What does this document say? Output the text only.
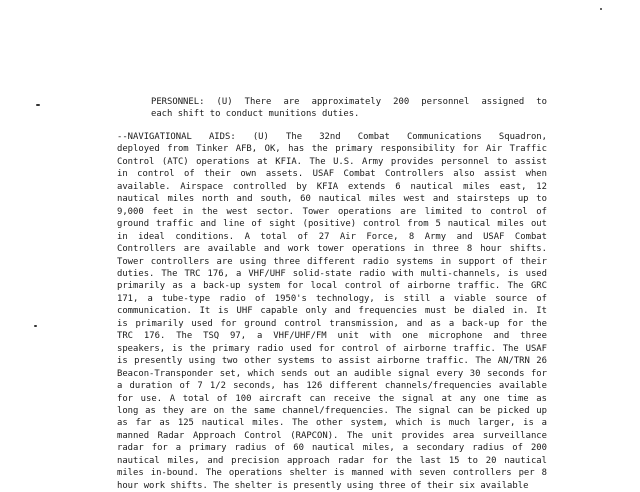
PERSONNEL: (U) There are approximately 200 personnel assigned to
each shift to conduct munitions duties.
--NAVIGATIONAL AIDS: (U) The 32nd Combat Communications Squadron,
deployed from Tinker AFB, OK, has the primary responsibility for Air Traffic
Control (ATC) operations at KFIA. The U.S. Army provides personnel to assist
in control of their own assets. USAF Combat Controllers also assist when
available. Airspace controlled by KFIA extends 6 nautical miles east, 12
nautical miles north and south, 60 nautical miles west and stairsteps up to
9,000 feet in the west sector. Tower operations are limited to control of
ground traffic and line of sight (positive) control from 5 nautical miles out
in ideal conditions. A total of 27 Air Force, 8 Army and USAF Combat
Controllers are available and work tower operations in three 8 hour shifts.
Tower controllers are using three different radio systems in support of their
duties. The TRC 176, a VHF/UHF solid-state radio with multi-channels, is used
primarily as a back-up system for local control of airborne traffic. The GRC
171, a tube-type radio of 1950's technology, is still a viable source of
communication. It is UHF capable only and frequencies must be dialed in. It
is primarily used for ground control transmission, and as a back-up for the
TRC 176. The TSQ 97, a VHF/UHF/FM unit with one microphone and three
speakers, is the primary radio used for control of airborne traffic. The USAF
is presently using two other systems to assist airborne traffic. The AN/TRN 26
Beacon-Transponder set, which sends out an audible signal every 30 seconds for
a duration of 7 1/2 seconds, has 126 different channels/frequencies available
for use. A total of 100 aircraft can receive the signal at any one time as
long as they are on the same channel/frequencies. The signal can be picked up
as far as 125 nautical miles. The other system, which is much larger, is a
manned Radar Approach Control (RAPCON). The unit provides area surveillance
radar for a primary radius of 60 nautical miles, a secondary radius of 200
nautical miles, and precision approach radar for the last 15 to 20 nautical
miles in-bound. The operations shelter is manned with seven controllers per 8
hour work shifts. The shelter is presently using three of their six available
